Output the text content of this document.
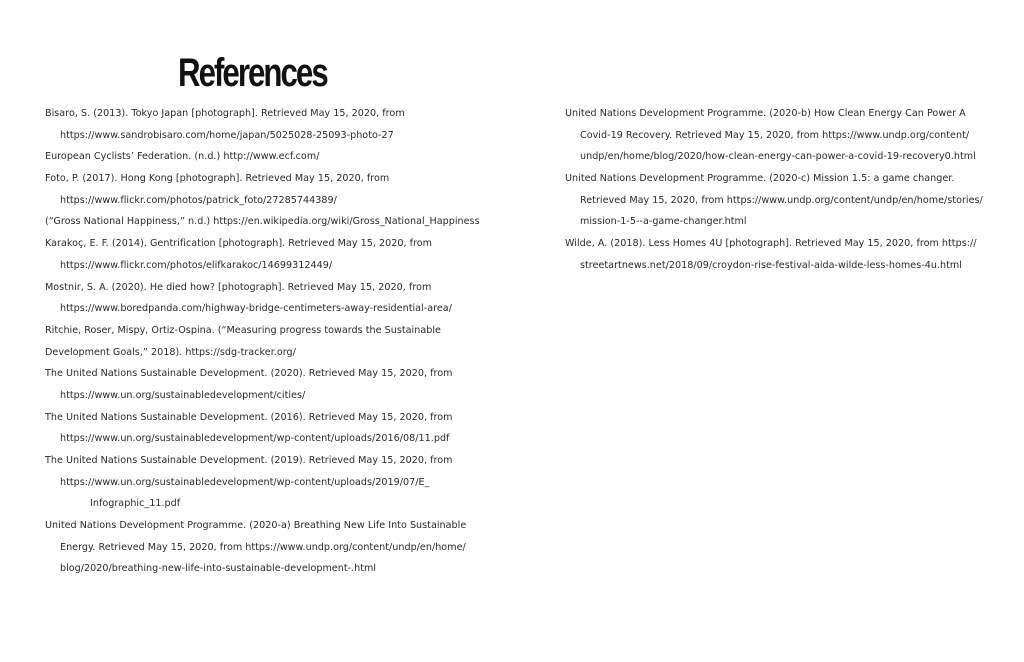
References
Bisaro, S. (2013). Tokyo Japan [photograph]. Retrieved May 15, 2020, from
https://www.sandrobisaro.com/home/japan/5025028-25093-photo-27
European Cyclists’ Federation. (n.d.) http://www.ecf.com/
Foto, P. (2017). Hong Kong [photograph]. Retrieved May 15, 2020, from
https://www.flickr.com/photos/patrick_foto/27285744389/
(“Gross National Happiness,” n.d.) https://en.wikipedia.org/wiki/Gross_National_Happiness
Karakoç, E. F. (2014). Gentrification [photograph]. Retrieved May 15, 2020, from
https://www.flickr.com/photos/elifkarakoc/14699312449/
Mostnir, S. A. (2020). He died how? [photograph]. Retrieved May 15, 2020, from
https://www.boredpanda.com/highway-bridge-centimeters-away-residential-area/
Ritchie, Roser, Mispy, Ortiz-Ospina. (“Measuring progress towards the Sustainable
Development Goals,” 2018). https://sdg-tracker.org/
The United Nations Sustainable Development. (2020). Retrieved May 15, 2020, from
https://www.un.org/sustainabledevelopment/cities/
The United Nations Sustainable Development. (2016). Retrieved May 15, 2020, from
https://www.un.org/sustainabledevelopment/wp-content/uploads/2016/08/11.pdf
The United Nations Sustainable Development. (2019). Retrieved May 15, 2020, from
https://www.un.org/sustainabledevelopment/wp-content/uploads/2019/07/E_
Infographic_11.pdf
United Nations Development Programme. (2020-a) Breathing New Life Into Sustainable
Energy. Retrieved May 15, 2020, from https://www.undp.org/content/undp/en/home/
blog/2020/breathing-new-life-into-sustainable-development-.html
United Nations Development Programme. (2020-b) How Clean Energy Can Power A
Covid-19 Recovery. Retrieved May 15, 2020, from https://www.undp.org/content/
undp/en/home/blog/2020/how-clean-energy-can-power-a-covid-19-recovery0.html
United Nations Development Programme. (2020-c) Mission 1.5: a game changer.
Retrieved May 15, 2020, from https://www.undp.org/content/undp/en/home/stories/
mission-1-5--a-game-changer.html
Wilde, A. (2018). Less Homes 4U [photograph]. Retrieved May 15, 2020, from https://
streetartnews.net/2018/09/croydon-rise-festival-aida-wilde-less-homes-4u.html
